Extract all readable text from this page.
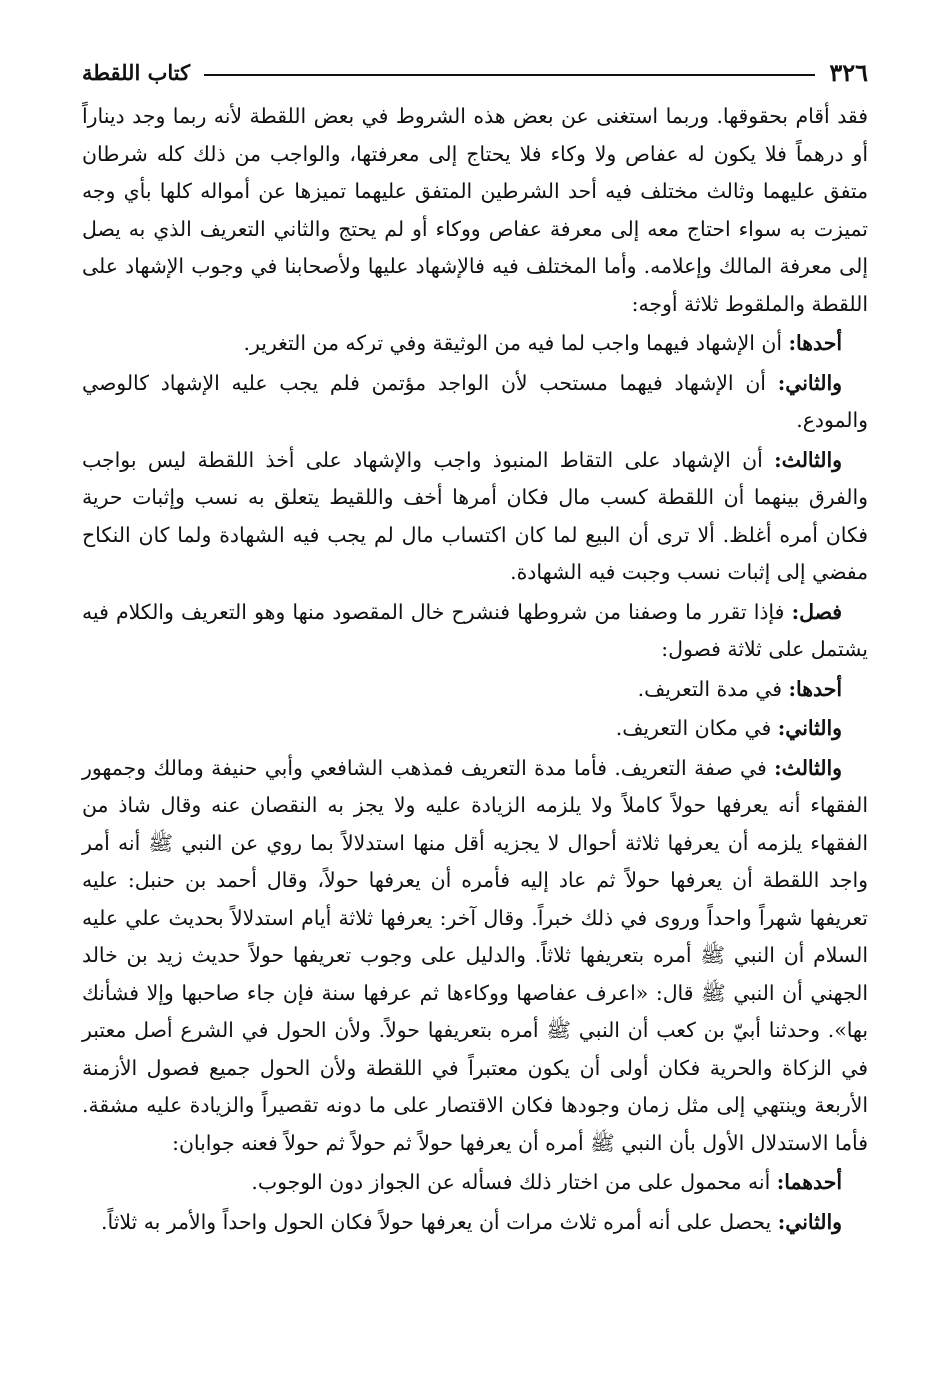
٣٢٦
كتاب اللقطة

فقد أقام بحقوقها. وربما استغنى عن بعض هذه الشروط في بعض اللقطة لأنه ربما وجد ديناراً أو درهماً فلا يكون له عفاص ولا وكاء فلا يحتاج إلى معرفتها، والواجب من ذلك كله شرطان متفق عليهما وثالث مختلف فيه أحد الشرطين المتفق عليهما تميزها عن أمواله كلها بأي وجه تميزت به سواء احتاج معه إلى معرفة عفاص ووكاء أو لم يحتج والثاني التعريف الذي به يصل إلى معرفة المالك وإعلامه. وأما المختلف فيه فالإشهاد عليها ولأصحابنا في وجوب الإشهاد على اللقطة والملقوط ثلاثة أوجه:

أحدها: أن الإشهاد فيهما واجب لما فيه من الوثيقة وفي تركه من التغرير.

والثاني: أن الإشهاد فيهما مستحب لأن الواجد مؤتمن فلم يجب عليه الإشهاد كالوصي والمودع.

والثالث: أن الإشهاد على التقاط المنبوذ واجب والإشهاد على أخذ اللقطة ليس بواجب والفرق بينهما أن اللقطة كسب مال فكان أمرها أخف واللقيط يتعلق به نسب وإثبات حرية فكان أمره أغلظ. ألا ترى أن البيع لما كان اكتساب مال لم يجب فيه الشهادة ولما كان النكاح مفضي إلى إثبات نسب وجبت فيه الشهادة.

فصل: فإذا تقرر ما وصفنا من شروطها فنشرح خال المقصود منها وهو التعريف والكلام فيه يشتمل على ثلاثة فصول:

أحدها: في مدة التعريف.

والثاني: في مكان التعريف.

والثالث: في صفة التعريف. فأما مدة التعريف فمذهب الشافعي وأبي حنيفة ومالك وجمهور الفقهاء أنه يعرفها حولاً كاملاً ولا يلزمه الزيادة عليه ولا يجز به النقصان عنه وقال شاذ من الفقهاء يلزمه أن يعرفها ثلاثة أحوال لا يجزيه أقل منها استدلالاً بما روي عن النبي ﷺ أنه أمر واجد اللقطة أن يعرفها حولاً ثم عاد إليه فأمره أن يعرفها حولاً، وقال أحمد بن حنبل: عليه تعريفها شهراً واحداً وروى في ذلك خبراً. وقال آخر: يعرفها ثلاثة أيام استدلالاً بحديث علي عليه السلام أن النبي ﷺ أمره بتعريفها ثلاثاً. والدليل على وجوب تعريفها حولاً حديث زيد بن خالد الجهني أن النبي ﷺ قال: «اعرف عفاصها ووكاءها ثم عرفها سنة فإن جاء صاحبها وإلا فشأنك بها». وحدثنا أبيّ بن كعب أن النبي ﷺ أمره بتعريفها حولاً. ولأن الحول في الشرع أصل معتبر في الزكاة والحرية فكان أولى أن يكون معتبراً في اللقطة ولأن الحول جميع فصول الأزمنة الأربعة وينتهي إلى مثل زمان وجودها فكان الاقتصار على ما دونه تقصيراً والزيادة عليه مشقة. فأما الاستدلال الأول بأن النبي ﷺ أمره أن يعرفها حولاً ثم حولاً ثم حولاً فعنه جوابان:

أحدهما: أنه محمول على من اختار ذلك فسأله عن الجواز دون الوجوب.

والثاني: يحصل على أنه أمره ثلاث مرات أن يعرفها حولاً فكان الحول واحداً والأمر به ثلاثاً.
